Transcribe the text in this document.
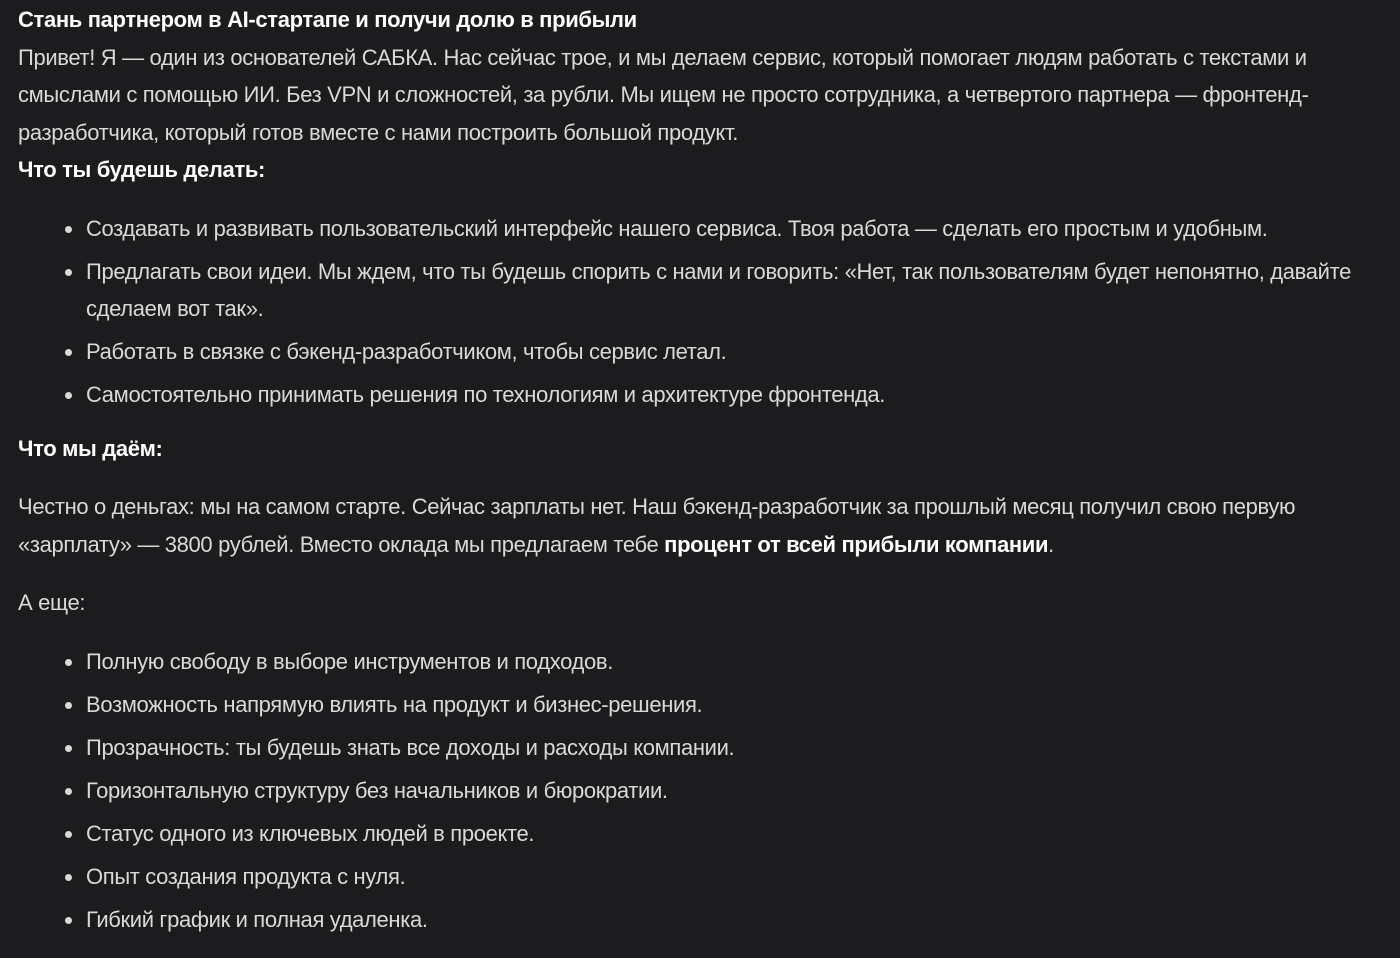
Стань партнером в AI-стартапе и получи долю в прибыли

Привет! Я — один из основателей САБКА. Нас сейчас трое, и мы делаем сервис, который помогает людям работать с текстами и смыслами с помощью ИИ. Без VPN и сложностей, за рубли. Мы ищем не просто сотрудника, а четвертого партнера — фронтенд-разработчика, который готов вместе с нами построить большой продукт.

Что ты будешь делать:

Создавать и развивать пользовательский интерфейс нашего сервиса. Твоя работа — сделать его простым и удобным.
Предлагать свои идеи. Мы ждем, что ты будешь спорить с нами и говорить: «Нет, так пользователям будет непонятно, давайте сделаем вот так».
Работать в связке с бэкенд-разработчиком, чтобы сервис летал.
Самостоятельно принимать решения по технологиям и архитектуре фронтенда.

Что мы даём:

Честно о деньгах: мы на самом старте. Сейчас зарплаты нет. Наш бэкенд-разработчик за прошлый месяц получил свою первую «зарплату» — 3800 рублей. Вместо оклада мы предлагаем тебе процент от всей прибыли компании.

А еще:

Полную свободу в выборе инструментов и подходов.
Возможность напрямую влиять на продукт и бизнес-решения.
Прозрачность: ты будешь знать все доходы и расходы компании.
Горизонтальную структуру без начальников и бюрократии.
Статус одного из ключевых людей в проекте.
Опыт создания продукта с нуля.
Гибкий график и полная удаленка.
